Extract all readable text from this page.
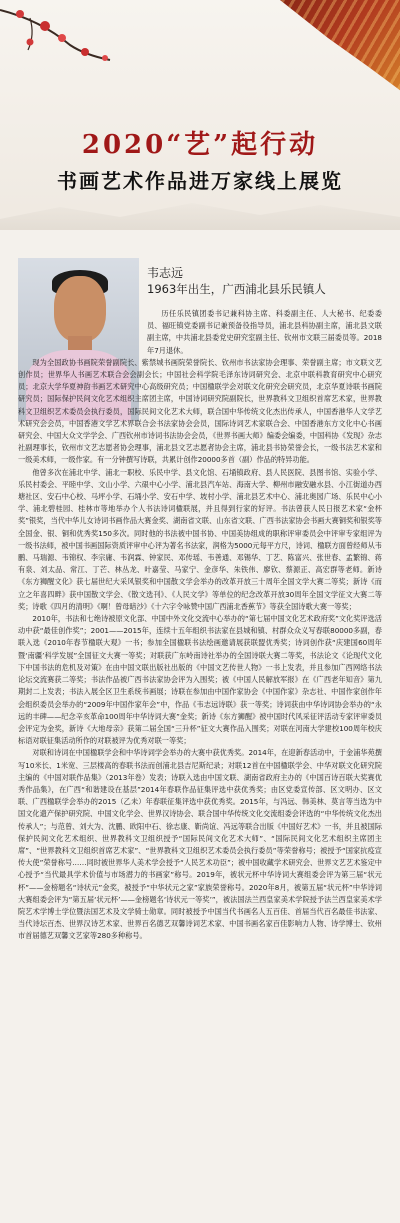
2020“艺”起行动
书画艺术作品进万家线上展览
韦志远
1963年出生，广西浦北县乐民镇人

历任乐民镇团委书记兼科协主席、科委副主任、人大秘书、纪委委员、福旺镇党委副书记兼预备役指导员，浦北县科协副主席，浦北县文联副主席，中共浦北县委党史研究室副主任、钦州市文联三届委员等。2018年7月退休。

现为全国政协书画院荣誉副院长、紫禁城书画院荣誉院长、钦州市书法家协会理事、荣誉副主席；市文联文艺创作员；世界华人书画艺术联合会会副会长；中国社会科学院毛泽东诗词研究会、北京中联科教育研究中心研究员；北京大学华夏神韵书画艺术研究中心高级研究员；中国楹联学会对联文化研究会研究员，北京华夏诗联书画院研究员；国际保护民间文化艺术组织主席团主席，中国诗词研究院副院长，世界教科文卫组织首席艺术家，世界教科文卫组织艺术委员会执行委员，国际民间文化艺术大师，联合国中华传统文化杰出传承人，中国香港华人文学艺术研究会会员，中国香港文学艺术界联合会书法家协会会员，国际诗词艺术家联合会、中国香港东方文化中心书画研究会、中国大众文学学会、广西钦州市诗词书法协会会员，《世界书画大师》编委会编委，中国科协《发现》杂志社副理事长，钦州市文艺志愿者协会理事，浦北县文艺志愿者协会主席，浦北县书协荣誉会长，一级书法艺术家和一级美术师，一级作家。有一分钟撰写诗联，共累计创作20000多首（副）作品的特异功能。

他曾多次在浦北中学、浦北一职校、乐民中学、县文化馆、石埇镇政府、县人民医院、县图书馆、实验小学、乐民村委会、平睦中学、文山小学、六硍中心小学、浦北县汽车站、海南大学、柳州市融安融水县、小江街道办西塘社区、安石中心校、马坪小学、石埇小学、安石中学、坡村小学、浦北县艺术中心、浦北奥园广场、乐民中心小学、浦北碧桂园、桂林市等地举办个人书法诗词楹联展，并且得到行家的好评。书法曾获人民日报艺术家“金杯奖”银奖，当代中华儿女诗词书画作品大赛金奖、湖南省文联、山东省文联、广西书法家协会书画大赛铜奖和银奖等全国金、银、铜和优秀奖150多次。同时他的书法被中国书协、中国美协组成的职称评审委员会中评审专家组评为一级书法师，被中国书画国际资质评审中心评为著名书法家，润格为5000元每平方尺，诗词、楹联方面曾经师从韦鹏、马瑞源、韦锦权、李宗庸、韦润霖、钟家民、邓传瑶、韦善通、邓锡华、丁艺、陈富兴、张世春、孟繁锦、蒋有泉、刘太品、常江、丁芒、林丛龙、叶嘉莹、马家宁、金彦华、朱铁伟、廖钦、蔡源正、高宏群等老师。新诗《东方狮醒文化》获七届世纪大采风银奖和中国散文学会举办的改革开放三十周年全国文学大赛二等奖；新诗《而立之年喜四畔》获中国散文学会、《散文选刊》、《人民文学》等单位的纪念改革开放30周年全国文学征文大赛二等奖；诗歌《四月的清明》《啊！曾母暗沙》《十六字令咏赞中国广西浦北香蕉节》等获全国诗歌大赛一等奖；

2010年，书法和七绝诗被原文化部、中国中外文化交流中心举办的“第七届中国文化艺术政府奖”文化奖评选活动中获“最佳创作奖”；2001——2015年，连续十五年组织书法家在县城和镇、村群众众义写春联80000多副，春联入选《2010年春节楹联大观》一书；参加全国楹联书法绘画邀请展获联盟优秀奖；诗词创作获“庆建国60周年暨‘南疆’科学发展”全国征文大赛一等奖；对联获广东岭南诗社举办的全国诗联大赛二等奖，书法论文《论现代文化下中国书法的危机及对策》在由中国文联出版社出版的《中国文艺传世人物》一书上发表，并且参加广西网络书法论坛交流赛获二等奖；书法作品被广西书法家协会评为入围奖；被《中国人民解放军报》在《广西老年知音》第九期封二上发表；书法入展全区卫生系统书画展；诗联在参加由中国作家协会《中国作家》杂志社、中国作家创作年会组织委员会举办的“2009年中国作家年会”中，作品《韦志远诗联》获一等奖；诗词获由中华诗词协会举办的“永远的丰碑——纪念辛亥革命100周年中华诗词大赛”金奖；新诗《东方狮醒》被中国时代风采征评活动专家评审委员会评定为金奖，新诗《大地母亲》获第二届全国“三升杯”征文大赛作品入围奖；对联在河南大学建校100周年校庆标语对联征集活动所作的对联被评为优秀对联一等奖；

对联和诗词在中国楹联学会和中华诗词学会举办的大赛中获优秀奖。2014年，在迎新春活动中，于金浦华苑撰写10米长、1米宽、三层楼高的春联书法而创浦北县吉尼斯纪录；对联12首在中国楹联学会、中华对联文化研究院主编的《中国对联作品集》（2013年卷）发表；诗联入选由中国文联、湖南省政府主办的《中国百诗百联大奖赛优秀作品集》，在广西“和谐建设在基层”2014年春联作品征集评选中获优秀奖；由区党委宣传部、区文明办、区文联、广西楹联学会举办的2015（乙未）年春联征集评选中获优秀奖。2015年，与冯远、韩美林、莫言等当选为中国文化遗产保护研究院、中国文化学会、世界汉诗协会、联合国中华传统文化交流组委会评选的“中华传统文化杰出传承人”；与范曾、刘大为、沈鹏、欧阳中石、徐志康、靳尚谊、冯远等联合出版《中国好艺术》一书，并且被国际保护民间文化艺术组织、世界教科文卫组织授予“国际民间文化艺术大师”、“国际民间文化艺术组织主席团主席”、“世界教科文卫组织首席艺术家”、“世界教科文卫组织艺术委员会执行委员”等荣誉称号；被授予“国家抗疫宣传大使”荣誉称号……同时被世界华人美术学会授予“人民艺术功臣”；被中国收藏学术研究会、世界文艺艺术鉴定中心授予“当代最具学术价值与市场潜力的书画家”称号。2019年，被状元杯中华诗词大赛组委会评为第三届“状元杯”——金榜题名“诗状元”金奖，被授予“中华状元之家”家族荣誉称号。2020年8月，被第五届“状元杯”中华诗词大赛组委会评为“第五届‘状元杯’——金榜题名‘诗状元一等奖’”，被法国法兰西皇家美术学院授予法兰西皇家美术学院艺术学博士学位暨法国艺术及文学骑士勋章。同时被授予中国当代书画名人五百佳、首届当代百名最佳书法家、当代诗坛百杰、世界汉诗艺术家、世界百名德艺双馨诗词艺术家、中国书画名家百佳影响力人物、诗学博士、钦州市首届德艺双馨文艺家等280多种称号。
